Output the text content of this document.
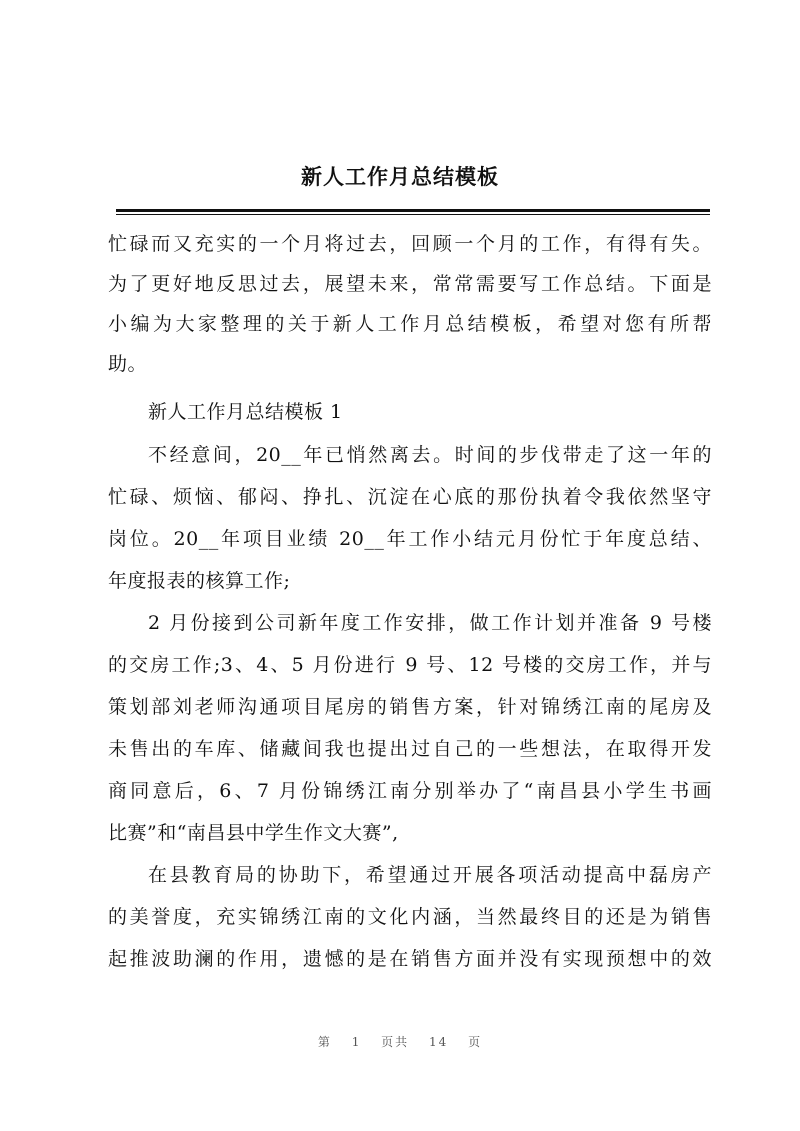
新人工作月总结模板
忙碌而又充实的一个月将过去，回顾一个月的工作，有得有失。
为了更好地反思过去，展望未来，常常需要写工作总结。下面是
小编为大家整理的关于新人工作月总结模板，希望对您有所帮
助。
新人工作月总结模板 1
不经意间，20__年已悄然离去。时间的步伐带走了这一年的
忙碌、烦恼、郁闷、挣扎、沉淀在心底的那份执着令我依然坚守
岗位。20__年项目业绩 20__年工作小结元月份忙于年度总结、
年度报表的核算工作;
2 月份接到公司新年度工作安排，做工作计划并准备 9 号楼
的交房工作;3、4、5 月份进行 9 号、12 号楼的交房工作，并与
策划部刘老师沟通项目尾房的销售方案，针对锦绣江南的尾房及
未售出的车库、储藏间我也提出过自己的一些想法，在取得开发
商同意后，6、7 月份锦绣江南分别举办了“南昌县小学生书画
比赛”和“南昌县中学生作文大赛”,
在县教育局的协助下，希望通过开展各项活动提高中磊房产
的美誉度，充实锦绣江南的文化内涵，当然最终目的还是为销售
起推波助澜的作用，遗憾的是在销售方面并没有实现预想中的效
第 1 页共 14 页
